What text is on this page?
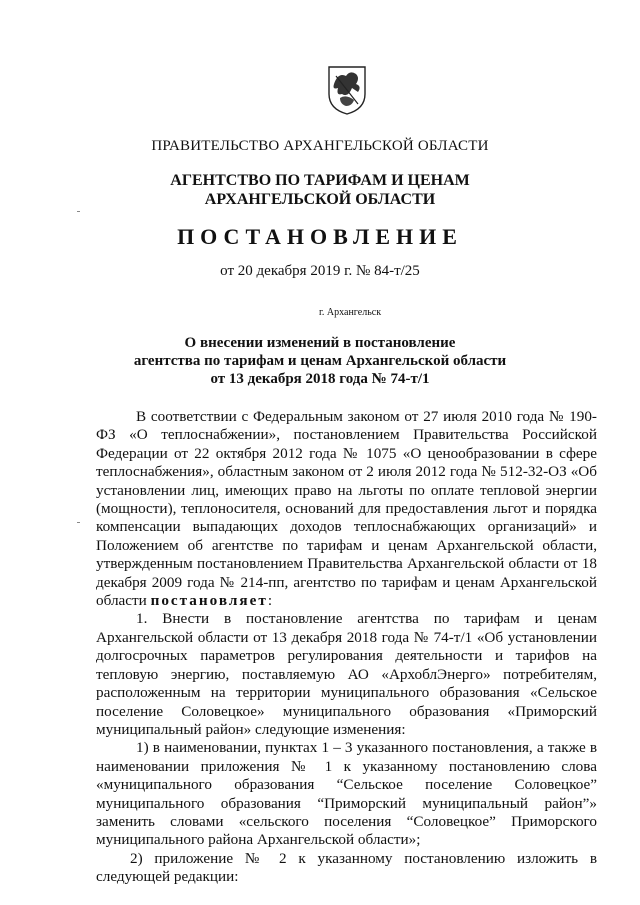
ПРАВИТЕЛЬСТВО АРХАНГЕЛЬСКОЙ ОБЛАСТИ
АГЕНТСТВО ПО ТАРИФАМ И ЦЕНАМ
АРХАНГЕЛЬСКОЙ ОБЛАСТИ
ПОСТАНОВЛЕНИЕ
от 20 декабря 2019 г. № 84-т/25
г. Архангельск
О внесении изменений в постановление
агентства по тарифам и ценам Архангельской области
от 13 декабря 2018 года № 74-т/1

В соответствии с Федеральным законом от 27 июля 2010 года № 190-ФЗ «О теплоснабжении», постановлением Правительства Российской Федерации от 22 октября 2012 года № 1075 «О ценообразовании в сфере теплоснабжения», областным законом от 2 июля 2012 года № 512-32-ОЗ «Об установлении лиц, имеющих право на льготы по оплате тепловой энергии (мощности), теплоносителя, оснований для предоставления льгот и порядка компенсации выпадающих доходов теплоснабжающих организаций» и Положением об агентстве по тарифам и ценам Архангельской области, утвержденным постановлением Правительства Архангельской области от 18 декабря 2009 года № 214-пп, агентство по тарифам и ценам Архангельской области постановляет:

1. Внести в постановление агентства по тарифам и ценам Архангельской области от 13 декабря 2018 года № 74-т/1 «Об установлении долгосрочных параметров регулирования деятельности и тарифов на тепловую энергию, поставляемую АО «АрхоблЭнерго» потребителям, расположенным на территории муниципального образования «Сельское поселение Соловецкое» муниципального образования «Приморский муниципальный район» следующие изменения:

1) в наименовании, пунктах 1 – 3 указанного постановления, а также в наименовании приложения № 1 к указанному постановлению слова «муниципального образования “Сельское поселение Соловецкое” муниципального образования “Приморский муниципальный район”» заменить словами «сельского поселения “Соловецкое” Приморского муниципального района Архангельской области»;

2) приложение № 2 к указанному постановлению изложить в следующей редакции:
